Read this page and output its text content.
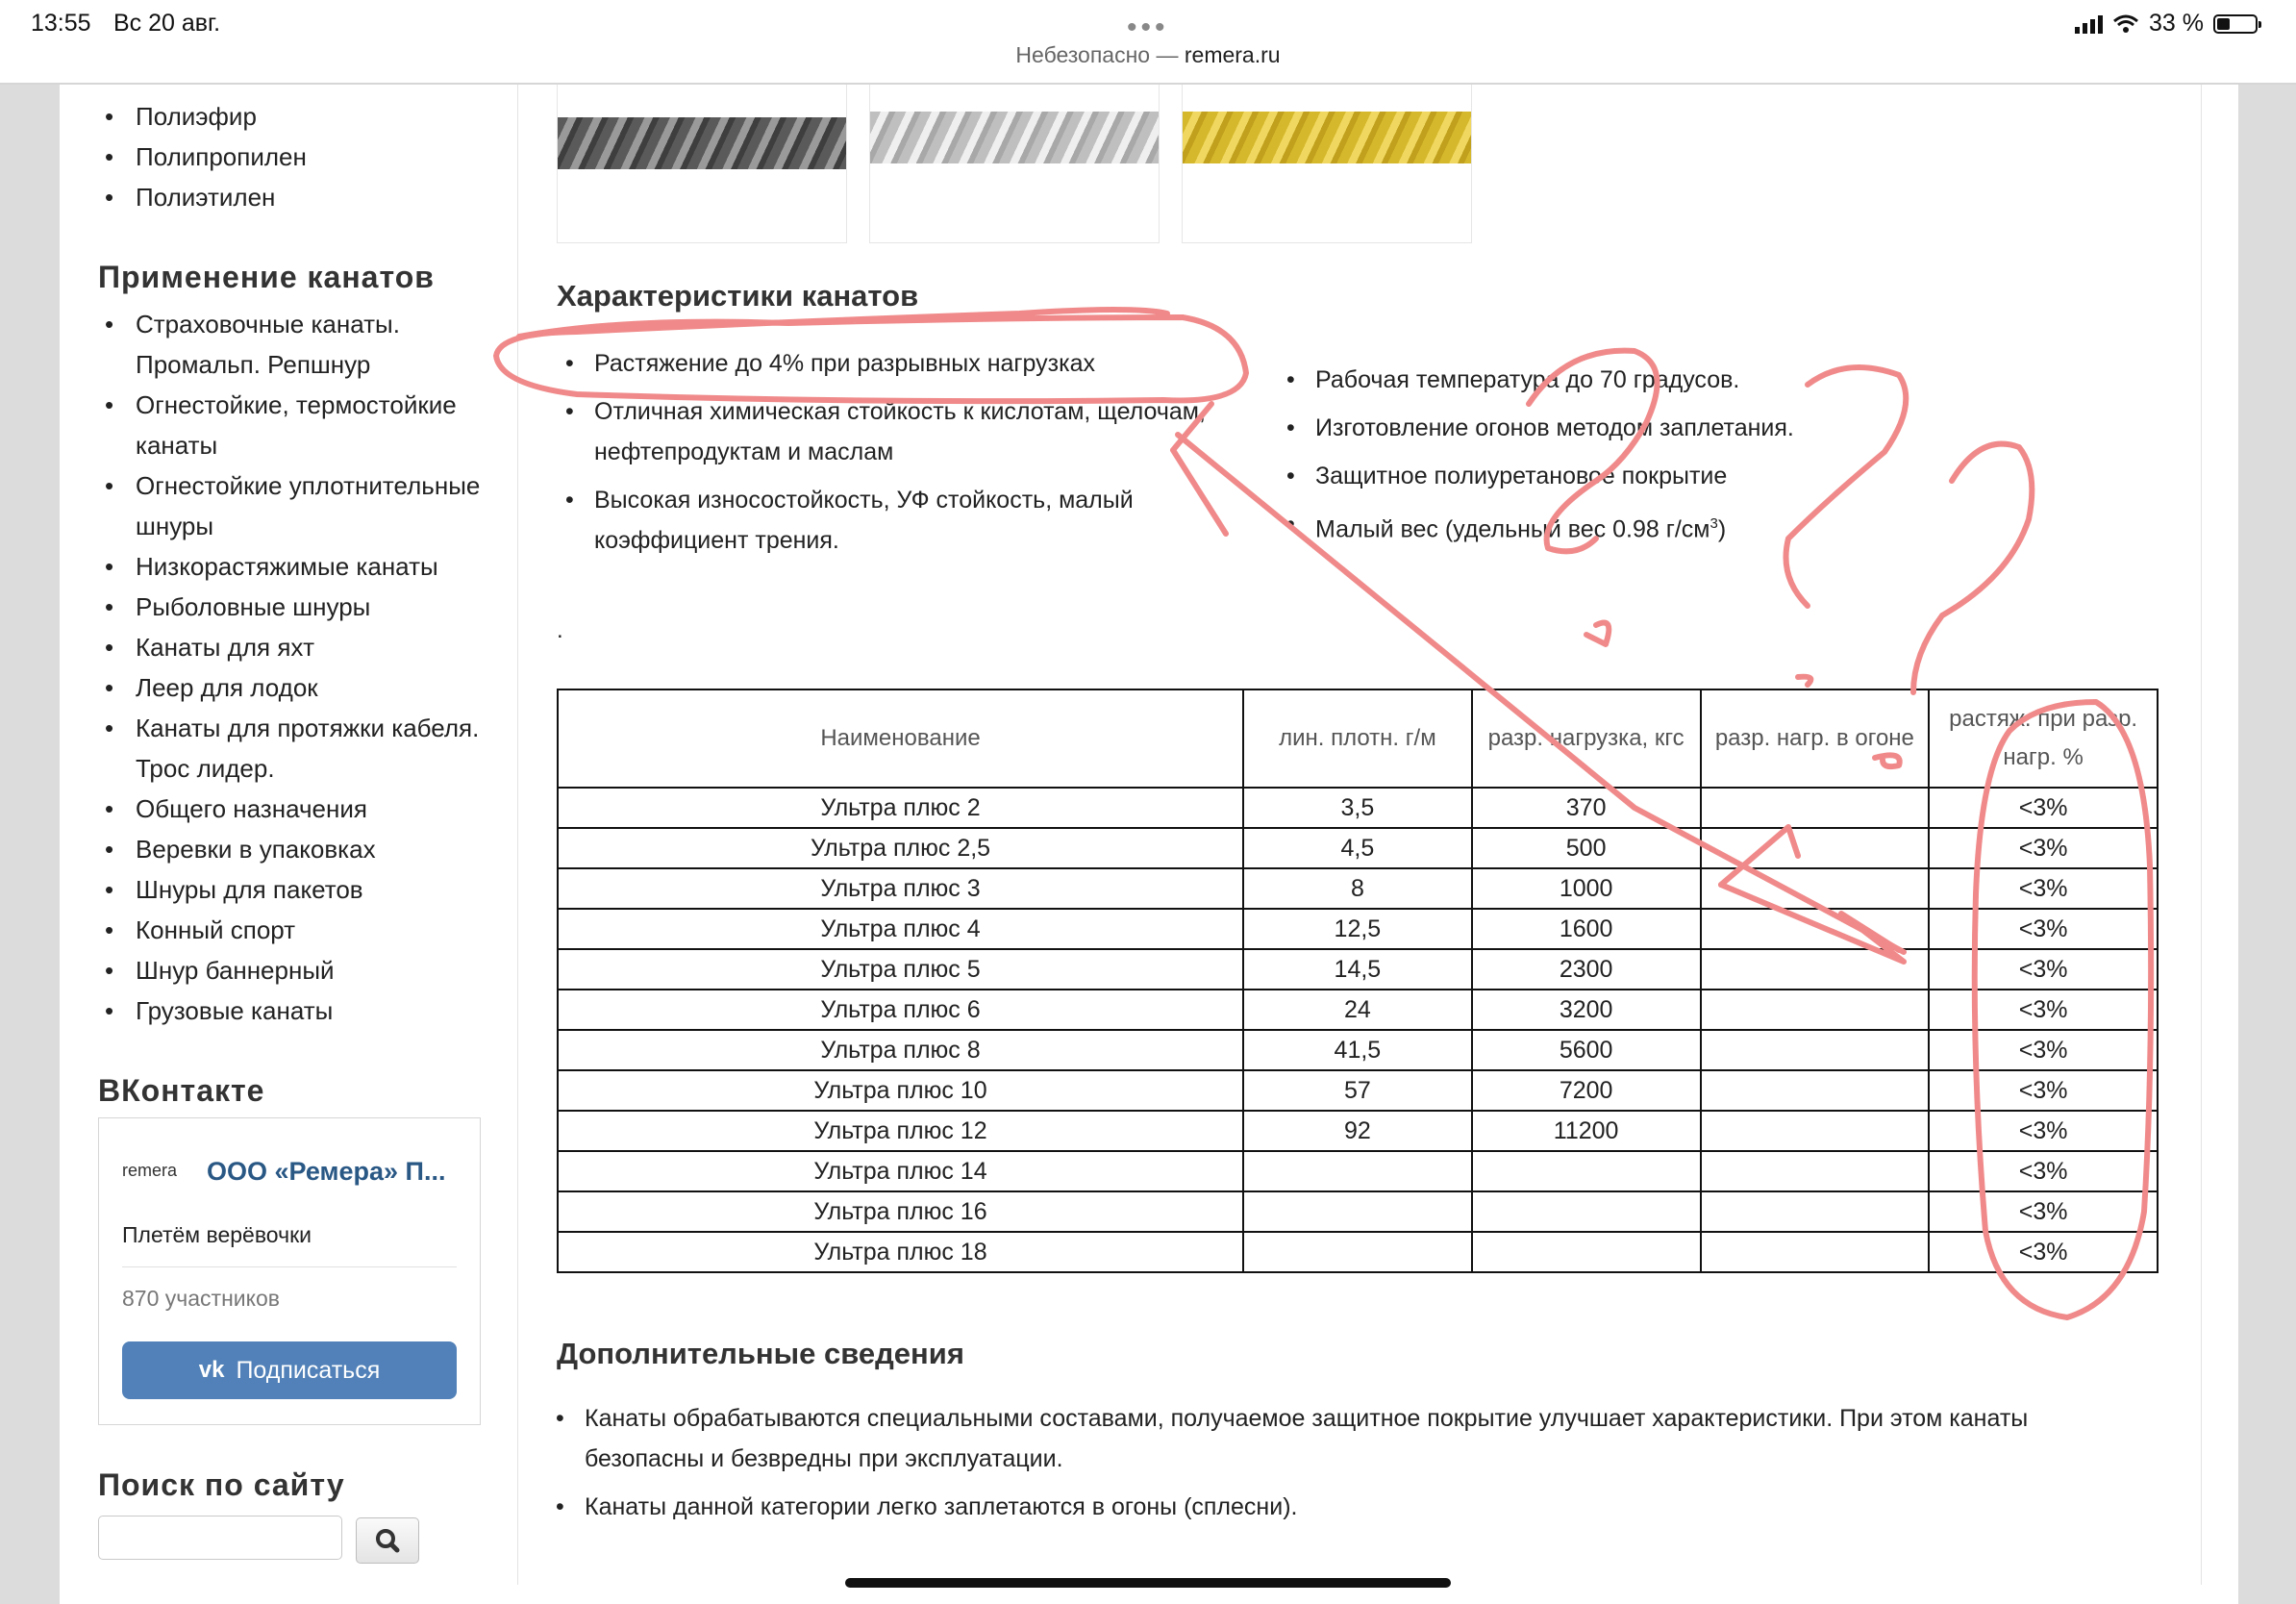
Характеристики канатов
• Растяжение до 4% при разрывных нагрузках
• Отличная химическая стойкость к кислотам, щелочам,
нефтепродуктам и маслам
• Высокая износостойкость, УФ стойкость, малый
коэффициент трения.
• Рабочая температура до 70 градусов.
• Изготовление огонов методом заплетания.
• Защитное полиуретановое покрытие
• Малый вес (удельный вес 0.98 $г/см^3$)
.
Наименование	лин. плотн. г/м	разр. нагрузка, кгс	разр. нагр. в огоне	растяж. при разр. нагр. %
Ультра плюс 2	3,5	370		<3%
Ультра плюс 2,5	4,5	500		<3%
Ультра плюс 3	8	1000		<3%
Ультра плюс 4	12,5	1600		<3%
Ультра плюс 5	14,5	2300		<3%
Ультра плюс 6	24	3200		<3%
Ультра плюс 8	41,5	5600		<3%
Ультра плюс 10	57	7200		<3%
Ультра плюс 12	92	11200		<3%
Ультра плюс 14				<3%
Ультра плюс 16				<3%
Ультра плюс 18				<3%
Дополнительные сведения
• Канаты обрабатываются специальными составами, получаемое защитное покрытие улучшает характеристики. При этом канаты
безопасны и безвредны при эксплуатации.
• Канаты данной категории легко заплетаются в огоны (сплесни).
• Полиэфир
• Полипропилен
• Полиэтилен
Применение канатов
• Страховочные канаты.
Промальп. Репшнур
• Огнестойкие, термостойкие
канаты
• Огнестойкие уплотнительные
шнуры
• Низкорастяжимые канаты
• Рыболовные шнуры
• Канаты для яхт
• Леер для лодок
• Канаты для протяжки кабеля.
Трос лидер.
• Общего назначения
• Веревки в упаковках
• Шнуры для пакетов
• Конный спорт
• Шнур баннерный
• Грузовые канаты
ВКонтакте
remera ООО «Ремера» П...
Плетём верёвочки
870 участников
vk Подписаться
Поиск по сайту
13:55 Вс 20 авг.	•••
Небезопасно — remera.ru
33 %
